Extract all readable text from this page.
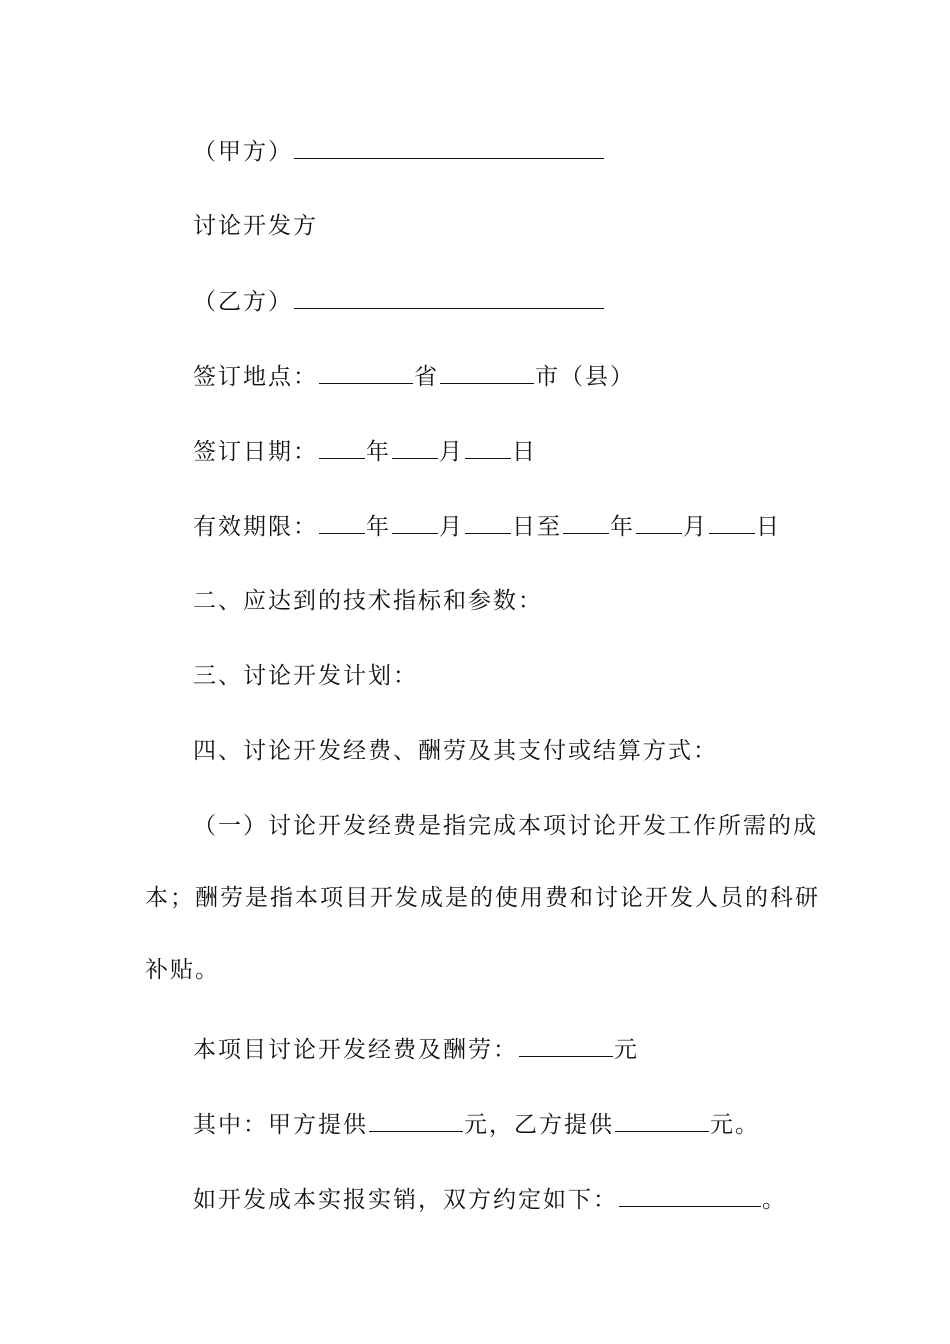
（甲方）
讨论开发方
（乙方）
签订地点：	省	市（县）
签订日期： 年 月 日
有效期限： 年 月 日至 年 月 日
二、应达到的技术指标和参数：
三、讨论开发计划：
四、讨论开发经费、酬劳及其支付或结算方式：
（一）讨论开发经费是指完成本项讨论开发工作所需的成
本；酬劳是指本项目开发成是的使用费和讨论开发人员的科研
补贴。
本项目讨论开发经费及酬劳：	元
其中：甲方提供	元，乙方提供	元。
如开发成本实报实销，双方约定如下：	。
